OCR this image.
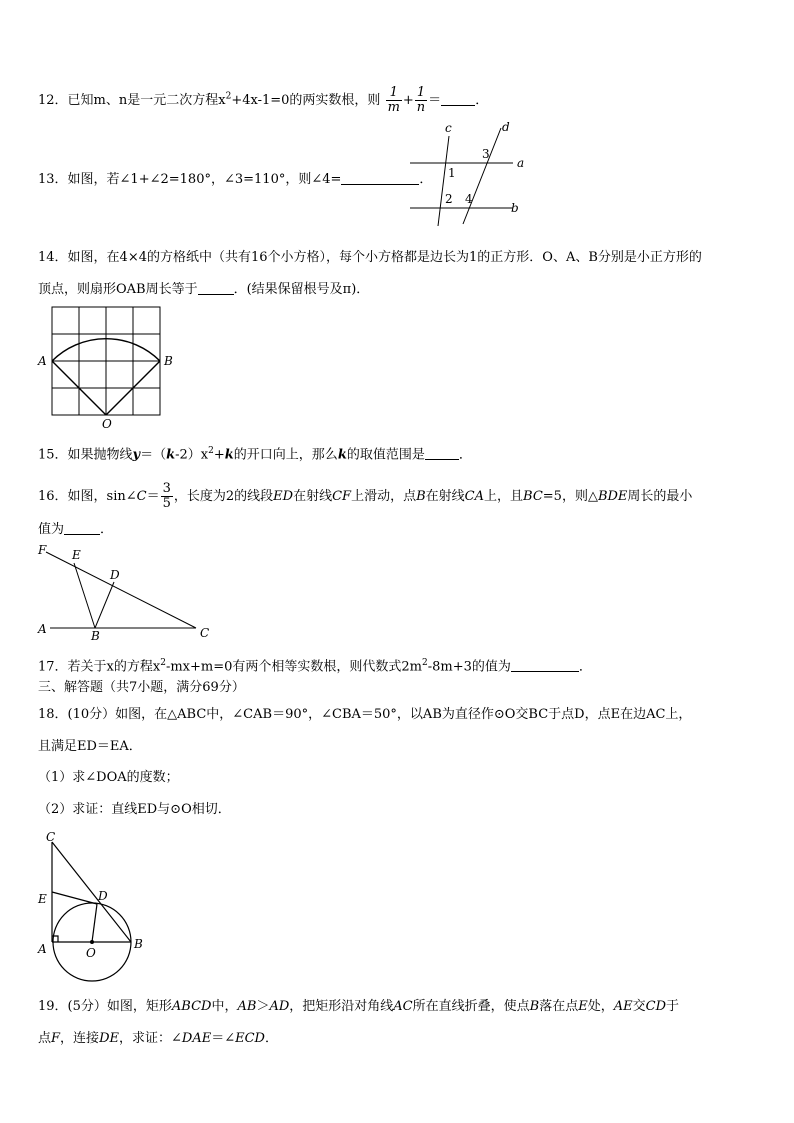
12．已知m、n是一元二次方程$x^2+4x-1=0$的两实数根，则 $\frac{1}{m} + \frac{1}{n}$ ＝	．
13．如图，若∠1+∠2=180°，∠3=110°，则∠4=	．
c	d
a
b
1
2
3
4
14．如图，在4×4的方格纸中（共有16个小方格），每个小方格都是边长为1的正方形．O、A、B分别是小正方形的
顶点，则扇形OAB周长等于	．(结果保留根号及π)．
A	B
O
15．如果抛物线$y=(k-2)x^2+k$的开口向上，那么k的取值范围是	．
16．如图，sin∠C＝ $\frac{3}{5}$ ，长度为2的线段ED在射线CF上滑动，点B在射线CA上，且BC=5，则△BDE周长的最小
值为	．
F E
D
A	B	C
17．若关于x的方程$x^2-mx+m=0$有两个相等实数根，则代数式$2m^2-8m+3$的值为	．
三、解答题（共7小题，满分69分）
18．(10分）如图，在△ABC中，∠CAB＝90°，∠CBA＝50°，以AB为直径作⊙O交BC于点D，点E在边AC上，
且满足ED＝EA．
（1）求∠DOA的度数；
（2）求证：直线ED与⊙O相切．
C
E	D
A	O
B
19．(5分）如图，矩形ABCD中，AB＞AD，把矩形沿对角线AC所在直线折叠，使点B落在点E处，AE交CD于
点F，连接DE，求证：∠DAE＝∠ECD．
